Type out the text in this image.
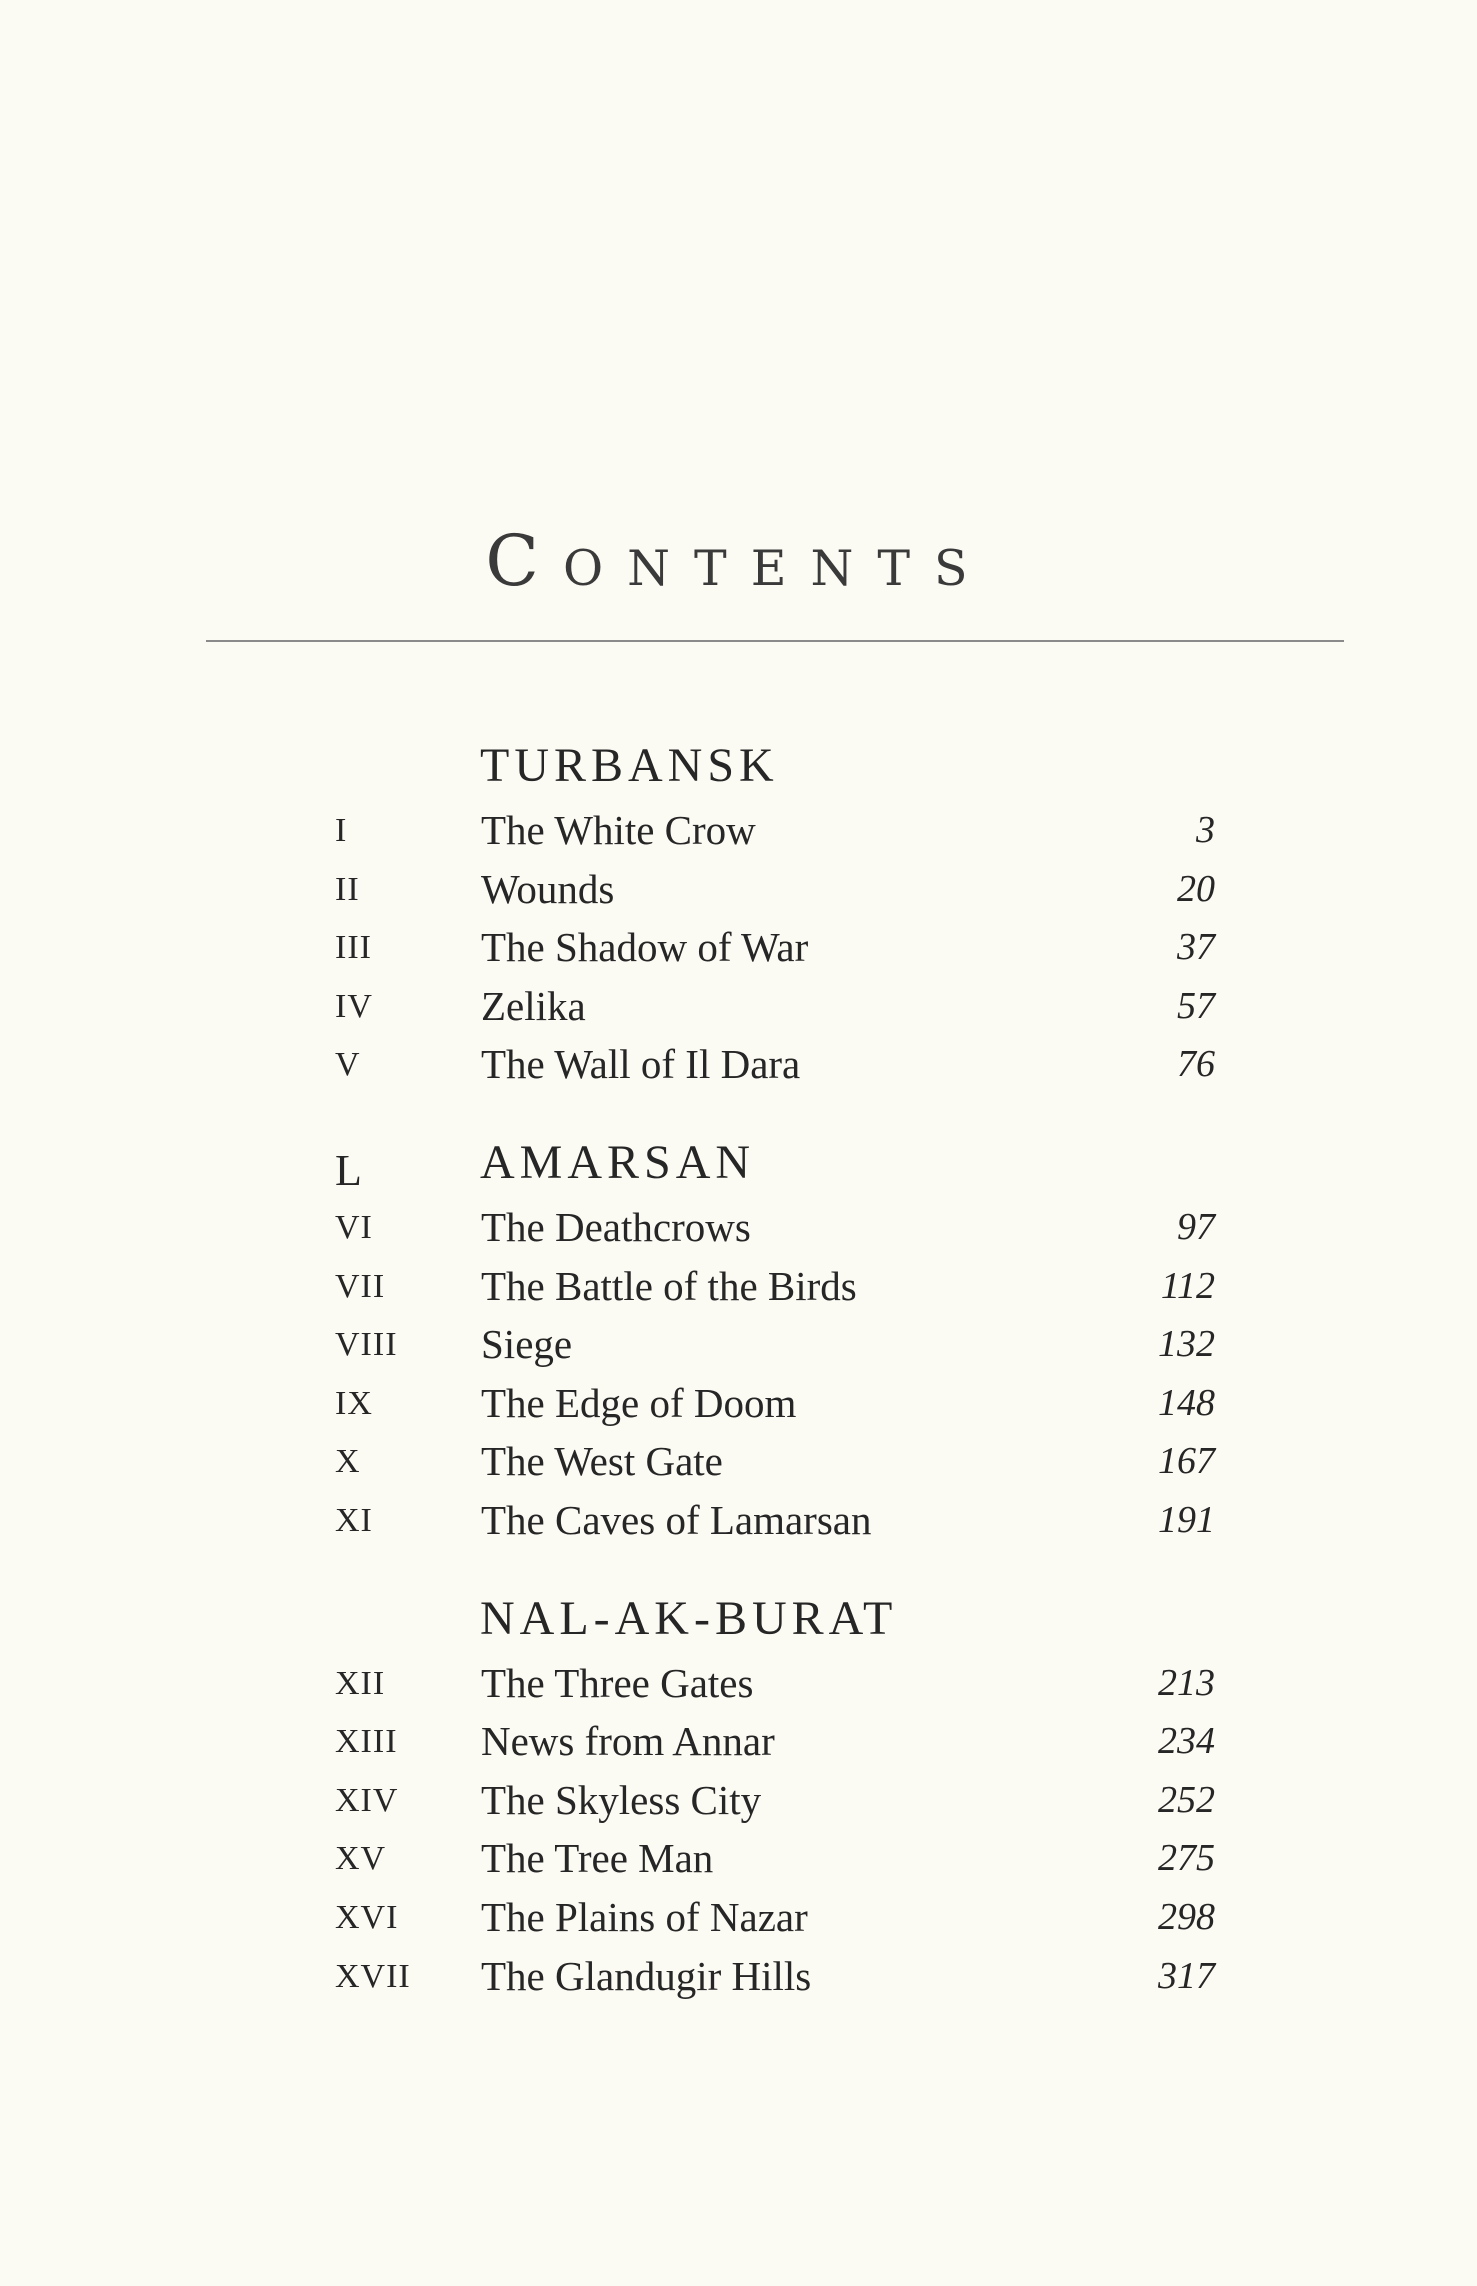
Contents
TURBANSK
I	The White Crow	3
II	Wounds	20
III	The Shadow of War	37
IV	Zelika	57
V	The Wall of Il Dara	76
L AMARSAN
VI	The Deathcrows	97
VII The Battle of the Birds	112
VIII Siege	132
IX	The Edge of Doom	148
X	The West Gate	167
XI	The Caves of Lamarsan	191
NAL-AK-BURAT
XII The Three Gates	213
XIII News from Annar	234
XIV The Skyless City	252
XV The Tree Man	275
XVI The Plains of Nazar	298
XVII The Glandugir Hills	317
